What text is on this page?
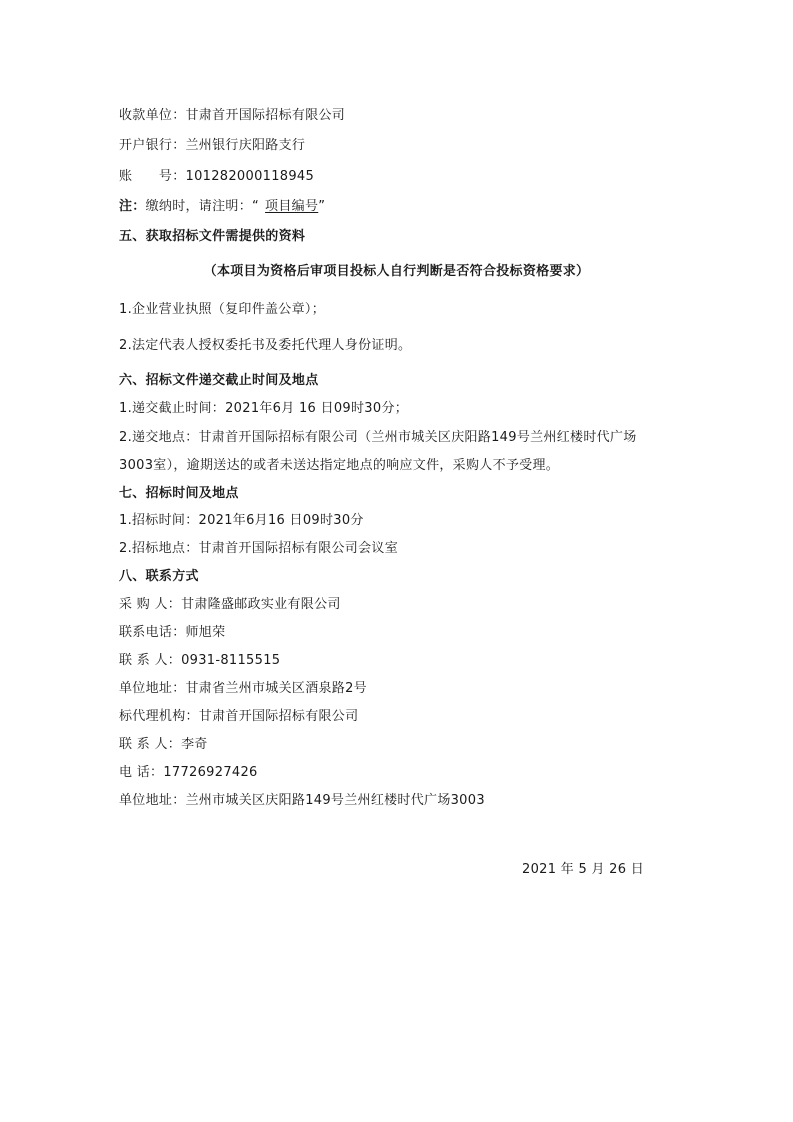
收款单位：甘肃首开国际招标有限公司
开户银行：兰州银行庆阳路支行
账      号：101282000118945
注：缴纳时，请注明：“ 项目编号”
五、获取招标文件需提供的资料
（本项目为资格后审项目投标人自行判断是否符合投标资格要求）
1.企业营业执照（复印件盖公章）；
2.法定代表人授权委托书及委托代理人身份证明。
六、招标文件递交截止时间及地点
1.递交截止时间：2021年6月 16 日09时30分；
2.递交地点：甘肃首开国际招标有限公司（兰州市城关区庆阳路149号兰州红楼时代广场
3003室），逾期送达的或者未送达指定地点的响应文件，采购人不予受理。
七、招标时间及地点
1.招标时间：2021年6月16 日09时30分
2.招标地点：甘肃首开国际招标有限公司会议室
八、联系方式
采 购 人：甘肃隆盛邮政实业有限公司
联系电话：师旭荣
联 系 人：0931-8115515
单位地址：甘肃省兰州市城关区酒泉路2号
标代理机构：甘肃首开国际招标有限公司
联 系 人：李奇
电 话：17726927426
单位地址：兰州市城关区庆阳路149号兰州红楼时代广场3003
2021 年 5 月 26 日
